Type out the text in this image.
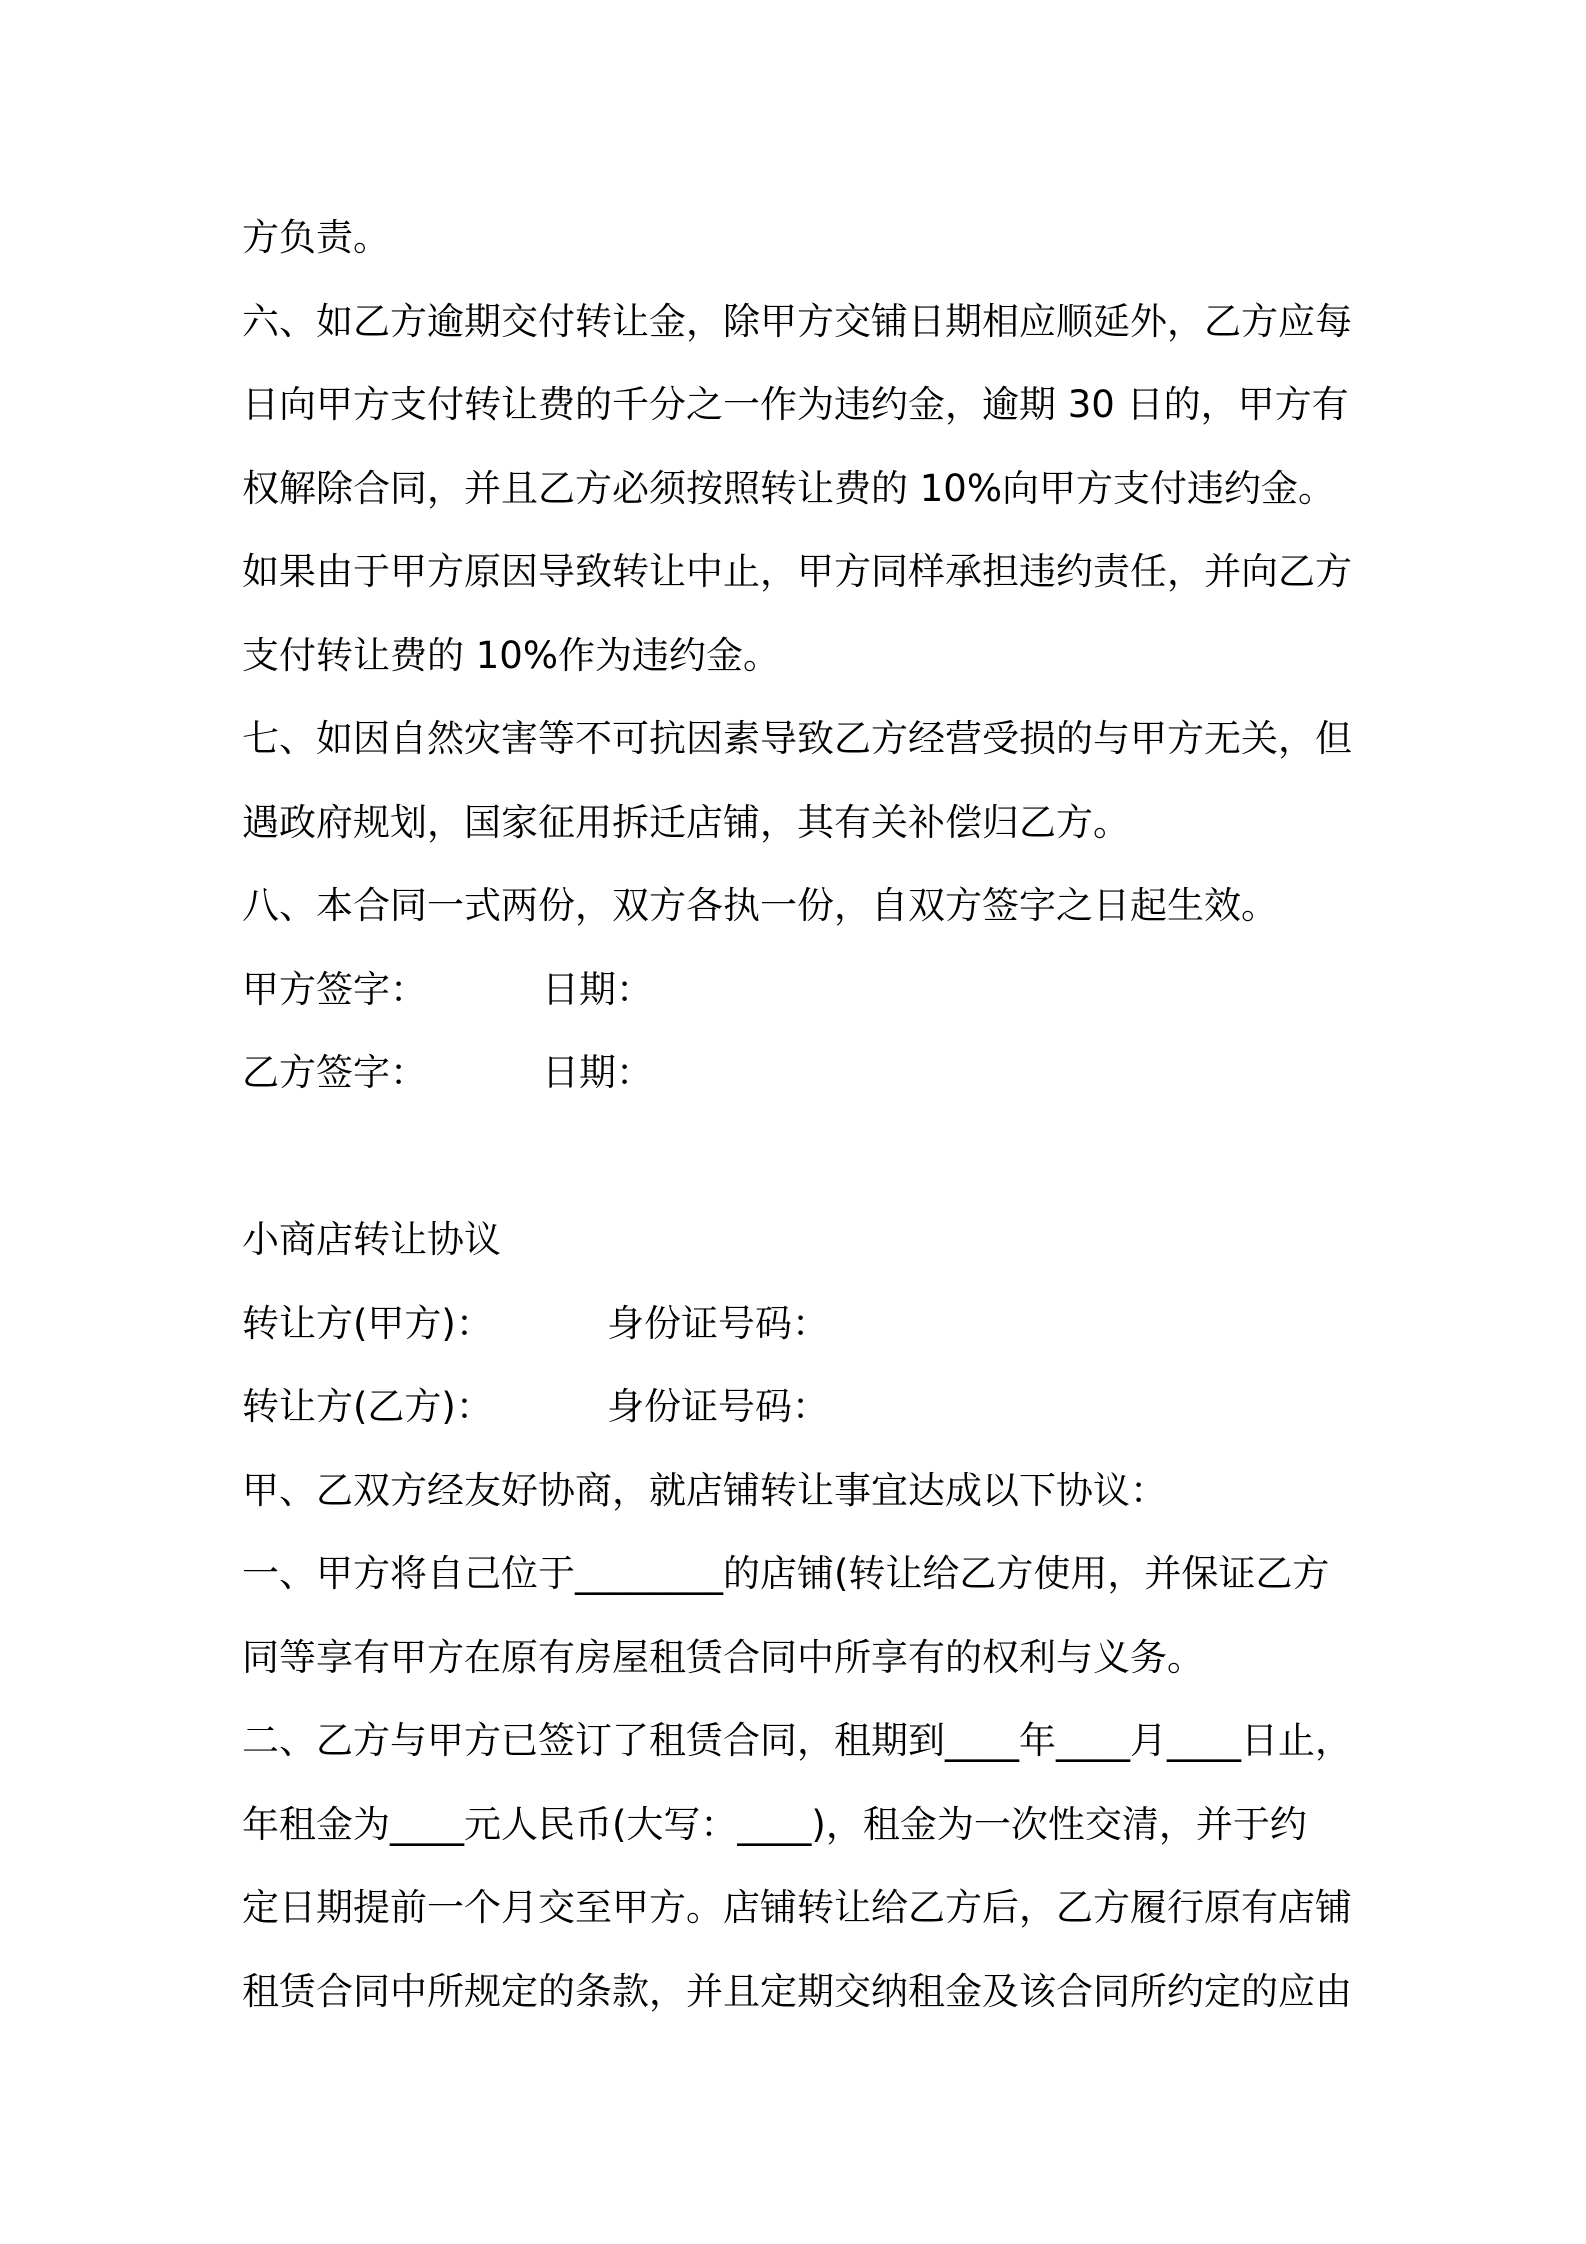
方负责。
六、如乙方逾期交付转让金，除甲方交铺日期相应顺延外，乙方应每
日向甲方支付转让费的千分之一作为违约金，逾期 30 日的，甲方有
权解除合同，并且乙方必须按照转让费的 10%向甲方支付违约金。
如果由于甲方原因导致转让中止，甲方同样承担违约责任，并向乙方
支付转让费的 10%作为违约金。
七、如因自然灾害等不可抗因素导致乙方经营受损的与甲方无关，但
遇政府规划，国家征用拆迁店铺，其有关补偿归乙方。
八、本合同一式两份，双方各执一份，自双方签字之日起生效。
甲方签字：	日期：
乙方签字：	日期：
小商店转让协议
转让方(甲方)：	身份证号码：
转让方(乙方)：	身份证号码：
甲、乙双方经友好协商，就店铺转让事宜达成以下协议：
一、甲方将自己位于________的店铺(转让给乙方使用，并保证乙方
同等享有甲方在原有房屋租赁合同中所享有的权利与义务。
二、乙方与甲方已签订了租赁合同，租期到____年____月____日止，
年租金为____元人民币(大写：____)，租金为一次性交清，并于约
定日期提前一个月交至甲方。店铺转让给乙方后，乙方履行原有店铺
租赁合同中所规定的条款，并且定期交纳租金及该合同所约定的应由
